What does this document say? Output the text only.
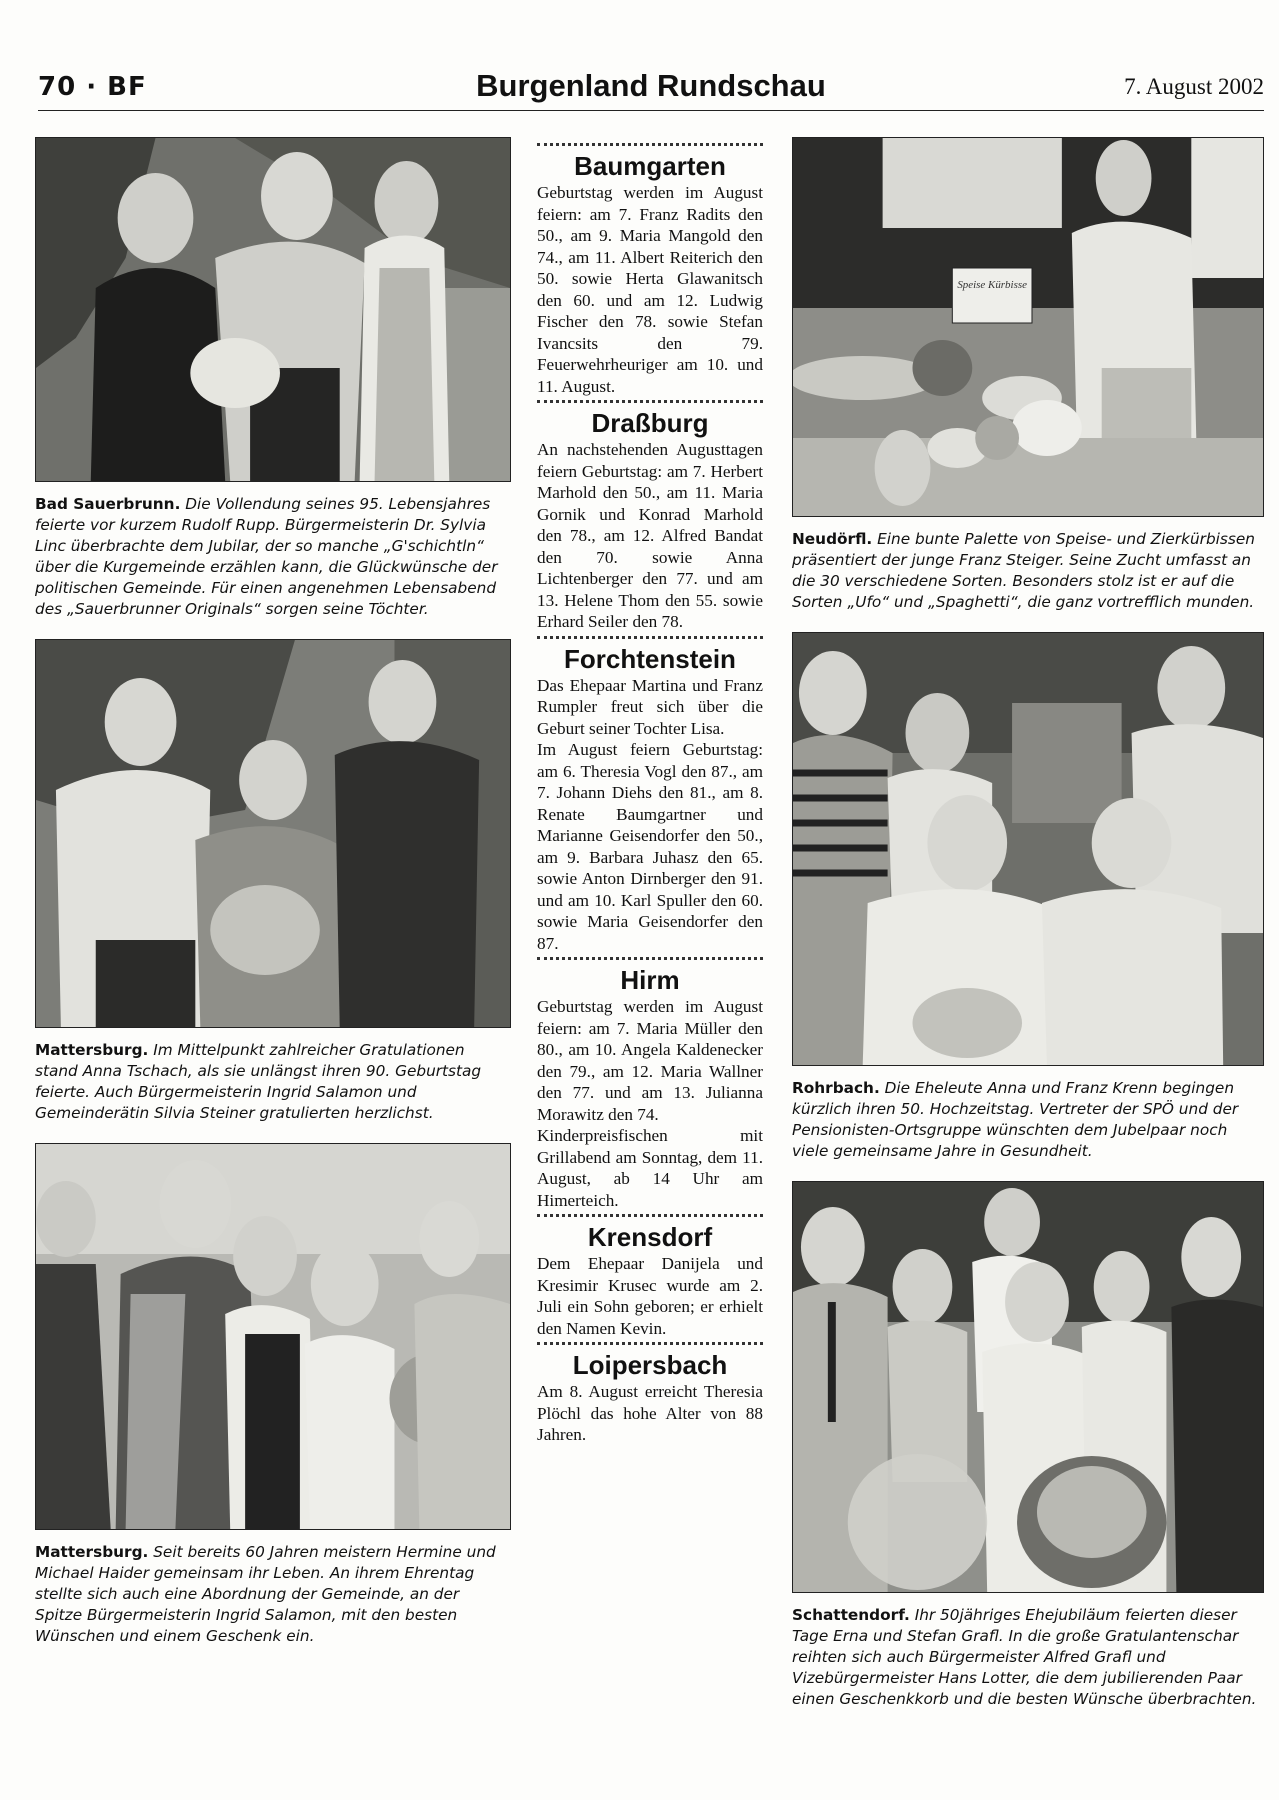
70 · BF	Burgenland Rundschau	7. August 2002

Bad Sauerbrunn. Die Vollendung seines 95. Lebensjahres feierte vor kurzem Rudolf Rupp. Bürgermeisterin Dr. Sylvia Linc überbrachte dem Jubilar, der so manche „G'schichtln“ über die Kurgemeinde erzählen kann, die Glückwünsche der politischen Gemeinde. Für einen angenehmen Lebensabend des „Sauerbrunner Originals“ sorgen seine Töchter.

Mattersburg. Im Mittelpunkt zahlreicher Gratulationen stand Anna Tschach, als sie unlängst ihren 90. Geburtstag feierte. Auch Bürgermeisterin Ingrid Salamon und Gemeinderätin Silvia Steiner gratulierten herzlichst.

Mattersburg. Seit bereits 60 Jahren meistern Hermine und Michael Haider gemeinsam ihr Leben. An ihrem Ehrentag stellte sich auch eine Abordnung der Gemeinde, an der Spitze Bürgermeisterin Ingrid Salamon, mit den besten Wünschen und einem Geschenk ein.

Baumgarten

Geburtstag werden im August feiern: am 7. Franz Radits den 50., am 9. Maria Mangold den 74., am 11. Albert Reiterich den 50. sowie Herta Glawanitsch den 60. und am 12. Ludwig Fischer den 78. sowie Stefan Ivancsits den 79. Feuerwehrheuriger am 10. und 11. August.

Draßburg

An nachstehenden Augusttagen feiern Geburtstag: am 7. Herbert Marhold den 50., am 11. Maria Gornik und Konrad Marhold den 78., am 12. Alfred Bandat den 70. sowie Anna Lichtenberger den 77. und am 13. Helene Thom den 55. sowie Erhard Seiler den 78.

Forchtenstein

Das Ehepaar Martina und Franz Rumpler freut sich über die Geburt seiner Tochter Lisa.

Im August feiern Geburtstag: am 6. Theresia Vogl den 87., am 7. Johann Diehs den 81., am 8. Renate Baumgartner und Marianne Geisendorfer den 50., am 9. Barbara Juhasz den 65. sowie Anton Dirnberger den 91. und am 10. Karl Spuller den 60. sowie Maria Geisendorfer den 87.

Hirm

Geburtstag werden im August feiern: am 7. Maria Müller den 80., am 10. Angela Kaldenecker den 79., am 12. Maria Wallner den 77. und am 13. Julianna Morawitz den 74.

Kinderpreisfischen mit Grillabend am Sonntag, dem 11. August, ab 14 Uhr am Himerteich.

Krensdorf

Dem Ehepaar Danijela und Kresimir Krusec wurde am 2. Juli ein Sohn geboren; er erhielt den Namen Kevin.

Loipersbach

Am 8. August erreicht Theresia Plöchl das hohe Alter von 88 Jahren.

Speise Kürbisse

Neudörfl. Eine bunte Palette von Speise- und Zierkürbissen präsentiert der junge Franz Steiger. Seine Zucht umfasst an die 30 verschiedene Sorten. Besonders stolz ist er auf die Sorten „Ufo“ und „Spaghetti“, die ganz vortrefflich munden.

Rohrbach. Die Eheleute Anna und Franz Krenn begingen kürzlich ihren 50. Hochzeitstag. Vertreter der SPÖ und der Pensionisten-Ortsgruppe wünschten dem Jubelpaar noch viele gemeinsame Jahre in Gesundheit.

Schattendorf. Ihr 50jähriges Ehejubiläum feierten dieser Tage Erna und Stefan Grafl. In die große Gratulantenschar reihten sich auch Bürgermeister Alfred Grafl und Vizebürgermeister Hans Lotter, die dem jubilierenden Paar einen Geschenkkorb und die besten Wünsche überbrachten.
